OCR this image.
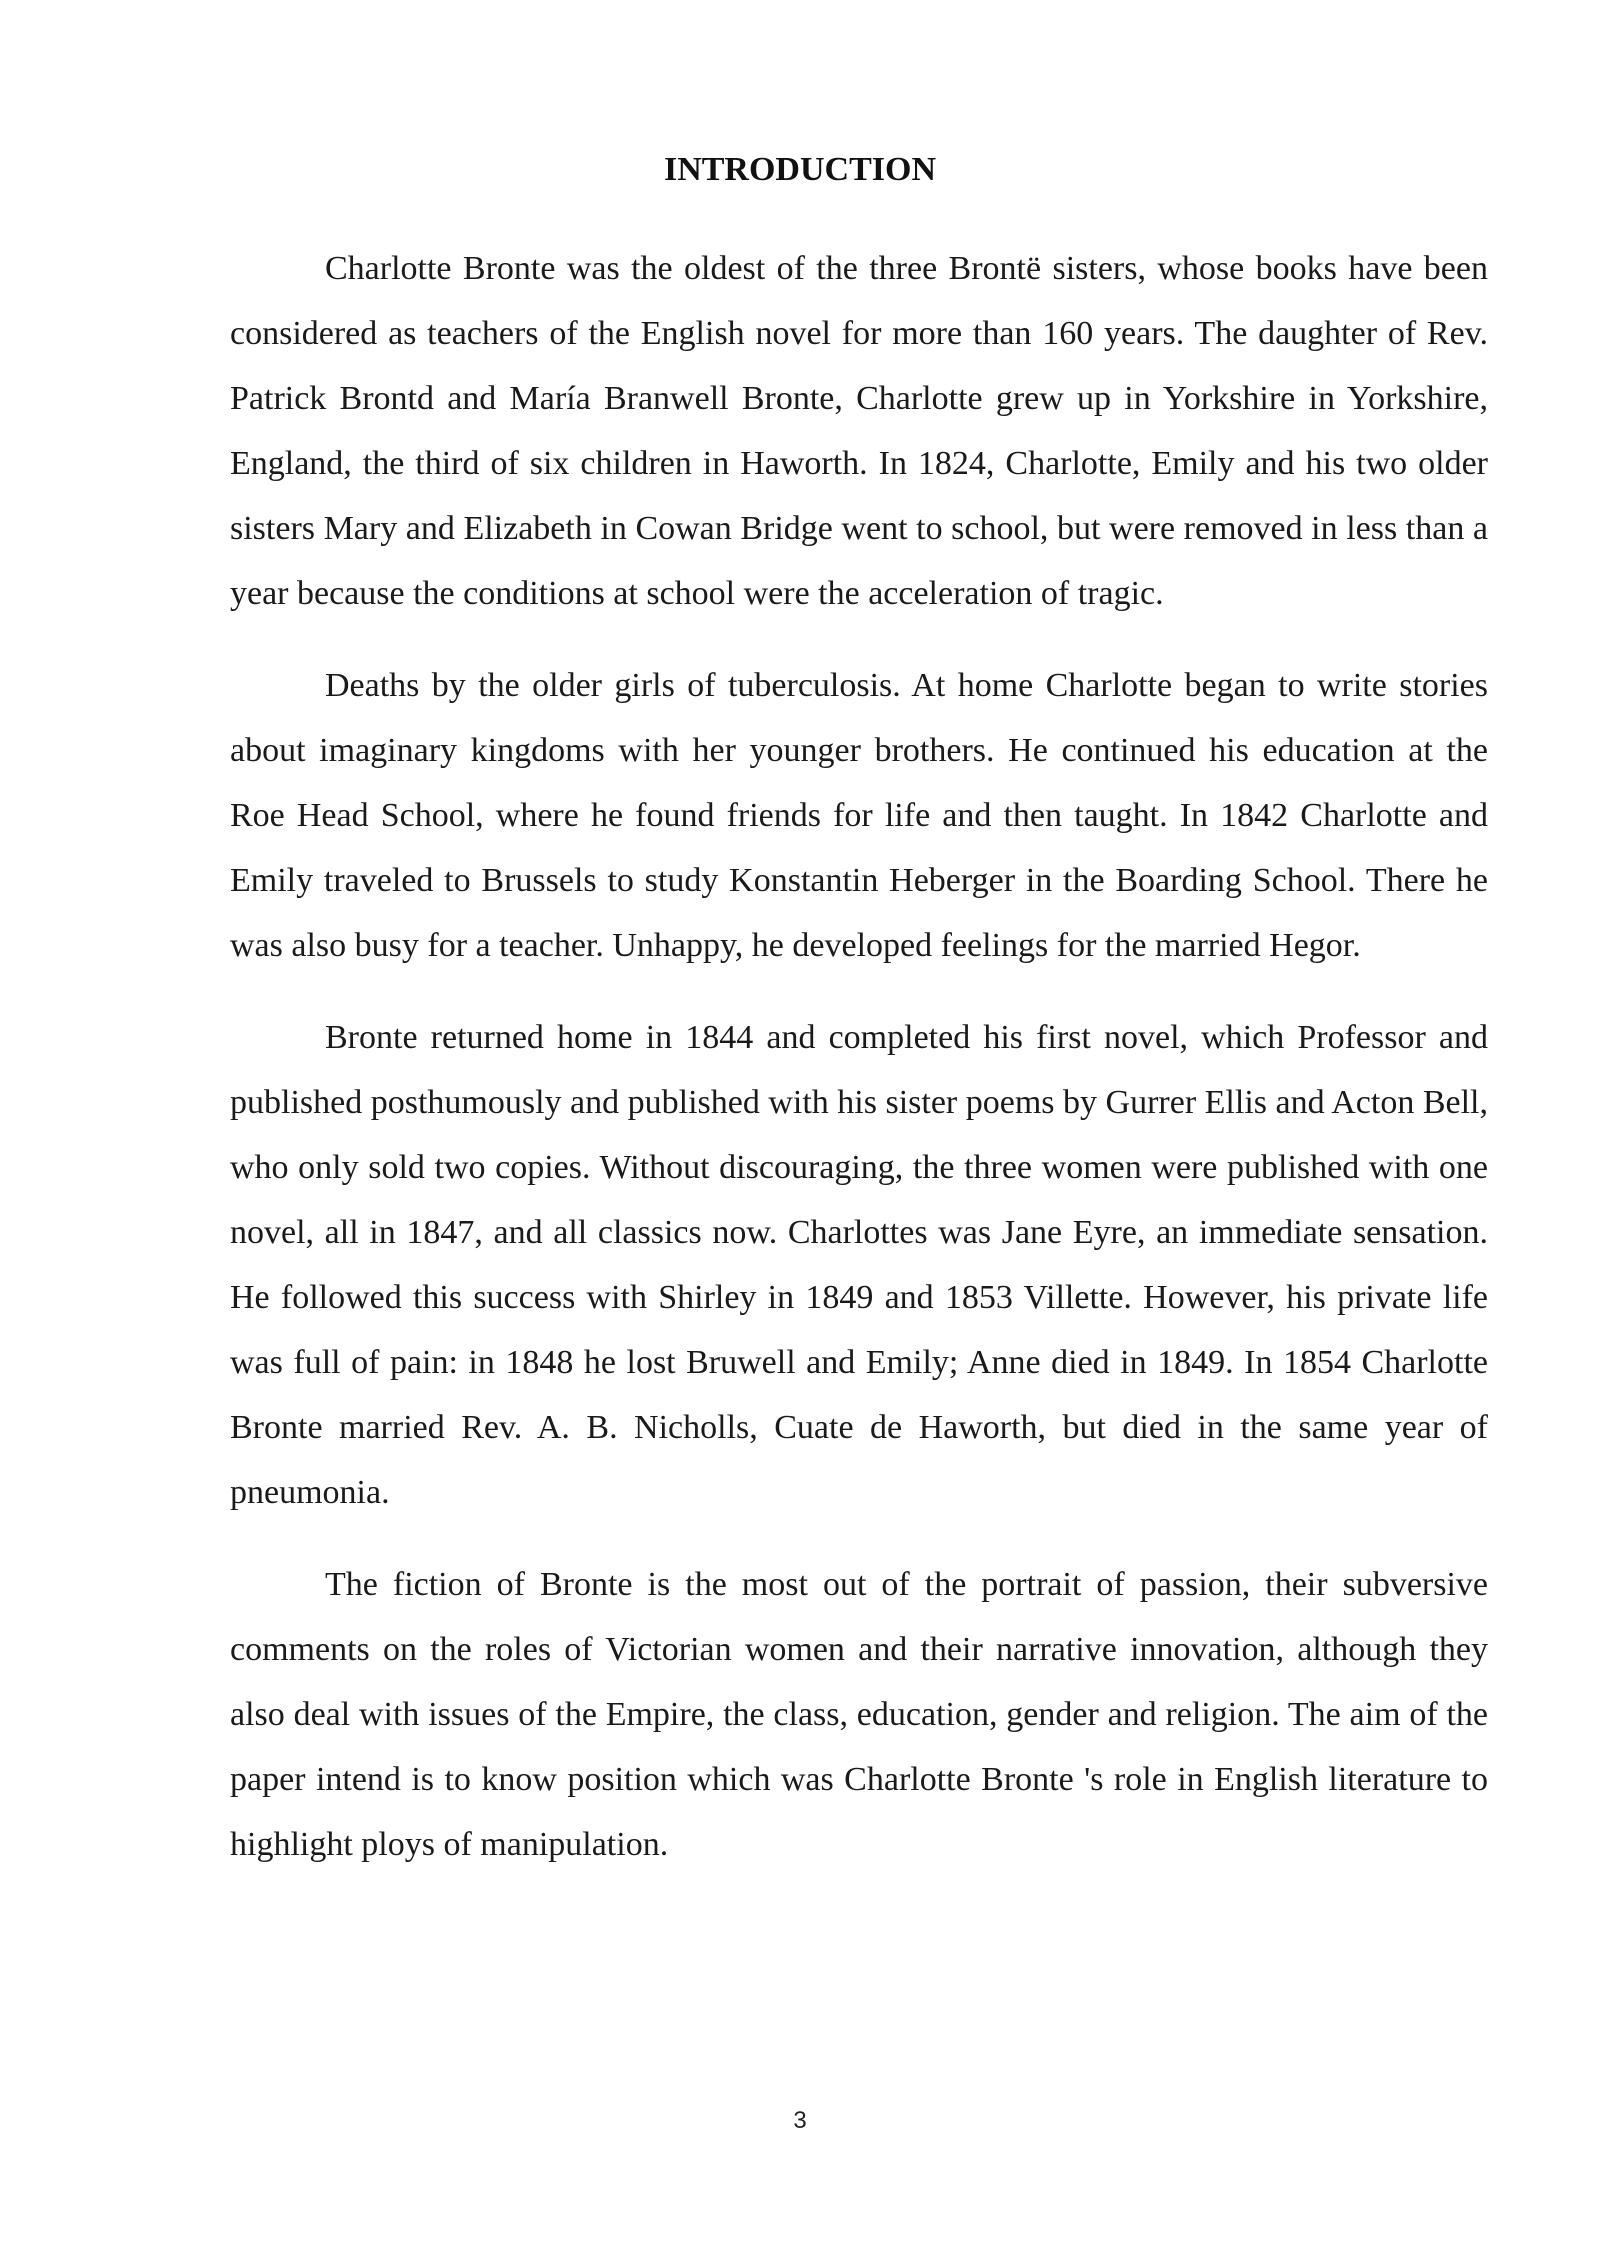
INTRODUCTION

Charlotte Bronte was the oldest of the three Brontë sisters, whose books have been considered as teachers of the English novel for more than 160 years. The daughter of Rev. Patrick Brontd and María Branwell Bronte, Charlotte grew up in Yorkshire in Yorkshire, England, the third of six children in Haworth. In 1824, Charlotte, Emily and his two older sisters Mary and Elizabeth in Cowan Bridge went to school, but were removed in less than a year because the conditions at school were the acceleration of tragic.

Deaths by the older girls of tuberculosis. At home Charlotte began to write stories about imaginary kingdoms with her younger brothers. He continued his education at the Roe Head School, where he found friends for life and then taught. In 1842 Charlotte and Emily traveled to Brussels to study Konstantin Heberger in the Boarding School. There he was also busy for a teacher. Unhappy, he developed feelings for the married Hegor.

Bronte returned home in 1844 and completed his first novel, which Professor and published posthumously and published with his sister poems by Gurrer Ellis and Acton Bell, who only sold two copies. Without discouraging, the three women were published with one novel, all in 1847, and all classics now. Charlottes was Jane Eyre, an immediate sensation. He followed this success with Shirley in 1849 and 1853 Villette. However, his private life was full of pain: in 1848 he lost Bruwell and Emily; Anne died in 1849. In 1854 Charlotte Bronte married Rev. A. B. Nicholls, Cuate de Haworth, but died in the same year of pneumonia.

The fiction of Bronte is the most out of the portrait of passion, their subversive comments on the roles of Victorian women and their narrative innovation, although they also deal with issues of the Empire, the class, education, gender and religion. The aim of the paper intend is to know position which was Charlotte Bronte 's role in English literature to highlight ploys of manipulation.

3
